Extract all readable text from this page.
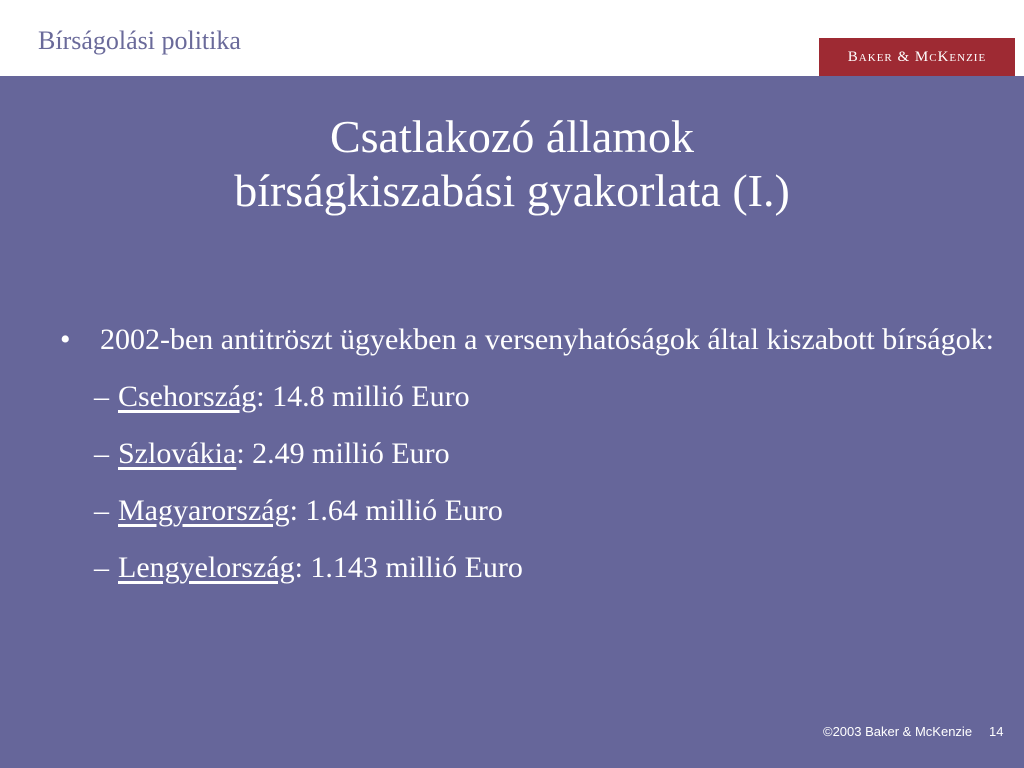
Bírságolási politika
Baker & McKenzie
Csatlakozó államok
bírságkiszabási gyakorlata (I.)
• 2002-ben antitröszt ügyekben a versenyhatóságok által kiszabott bírságok:
– Csehország: 14.8 millió Euro
– Szlovákia: 2.49 millió Euro
– Magyarország: 1.64 millió Euro
– Lengyelország: 1.143 millió Euro
©2003 Baker & McKenzie 14
